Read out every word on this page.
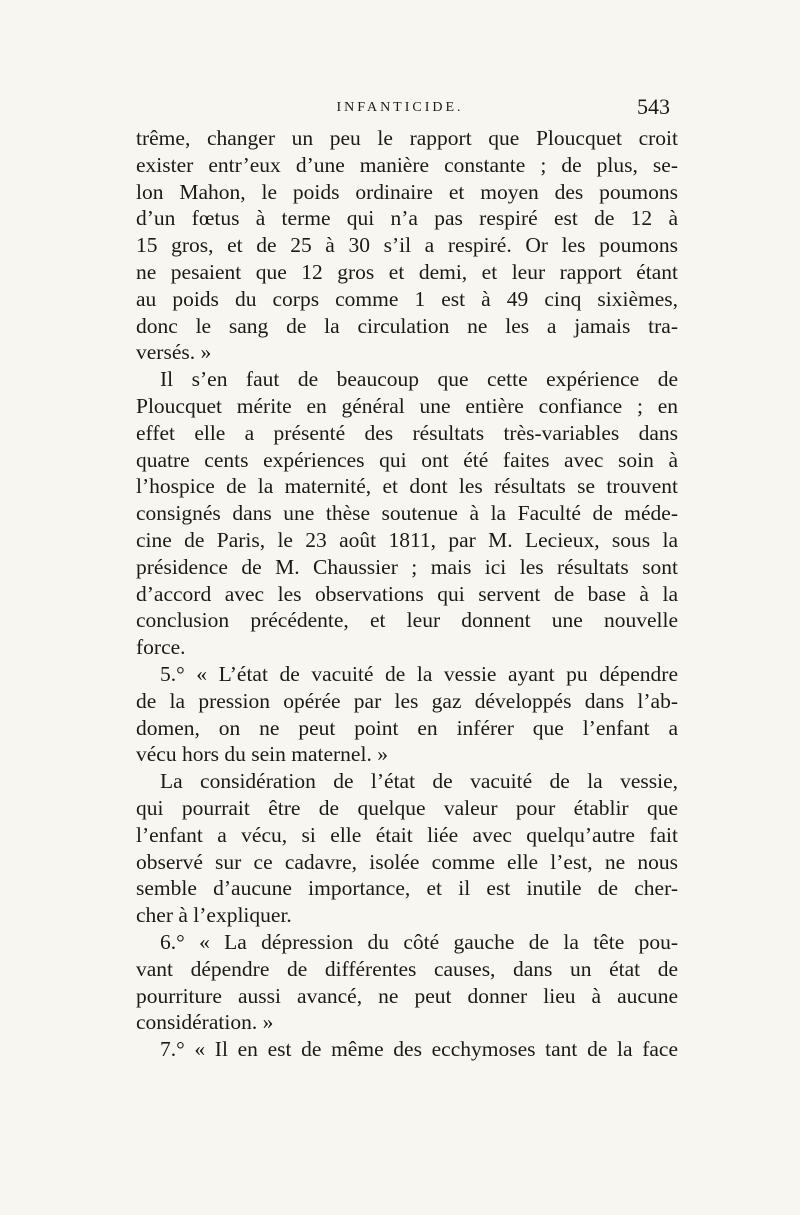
INFANTICIDE.	543
trême, changer un peu le rapport que Ploucquet croit
exister entr’eux d’une manière constante ; de plus, se-
lon Mahon, le poids ordinaire et moyen des poumons
d’un fœtus à terme qui n’a pas respiré est de 12 à
15 gros, et de 25 à 30 s’il a respiré. Or les poumons
ne pesaient que 12 gros et demi, et leur rapport étant
au poids du corps comme 1 est à 49 cinq sixièmes,
donc le sang de la circulation ne les a jamais tra-
versés. »
Il s’en faut de beaucoup que cette expérience de
Ploucquet mérite en général une entière confiance ; en
effet elle a présenté des résultats très-variables dans
quatre cents expériences qui ont été faites avec soin à
l’hospice de la maternité, et dont les résultats se trouvent
consignés dans une thèse soutenue à la Faculté de méde-
cine de Paris, le 23 août 1811, par M. Lecieux, sous la
présidence de M. Chaussier ; mais ici les résultats sont
d’accord avec les observations qui servent de base à la
conclusion précédente, et leur donnent une nouvelle
force.
5.° « L’état de vacuité de la vessie ayant pu dépendre
de la pression opérée par les gaz développés dans l’ab-
domen, on ne peut point en inférer que l’enfant a
vécu hors du sein maternel. »
La considération de l’état de vacuité de la vessie,
qui pourrait être de quelque valeur pour établir que
l’enfant a vécu, si elle était liée avec quelqu’autre fait
observé sur ce cadavre, isolée comme elle l’est, ne nous
semble d’aucune importance, et il est inutile de cher-
cher à l’expliquer.
6.° « La dépression du côté gauche de la tête pou-
vant dépendre de différentes causes, dans un état de
pourriture aussi avancé, ne peut donner lieu à aucune
considération. »
7.° « Il en est de même des ecchymoses tant de la face
